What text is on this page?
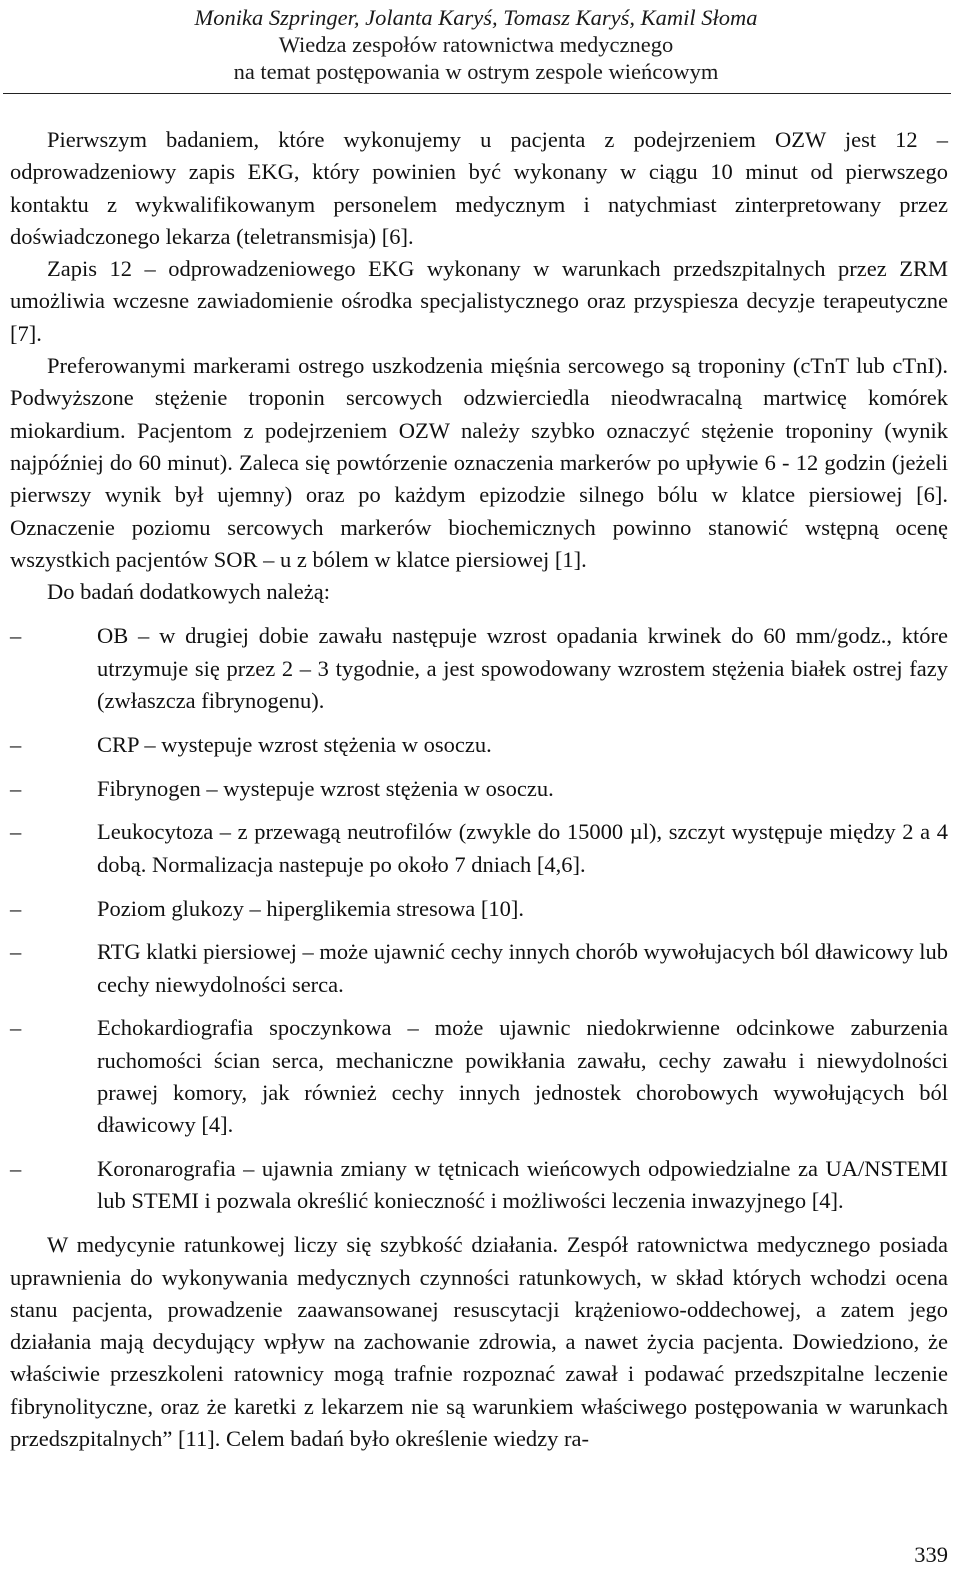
Monika Szpringer, Jolanta Karyś, Tomasz Karyś, Kamil Słoma
Wiedza zespołów ratownictwa medycznego
na temat postępowania w ostrym zespole wieńcowym

Pierwszym badaniem, które wykonujemy u pacjenta z podejrzeniem OZW jest 12 – odprowadzeniowy zapis EKG, który powinien być wykonany w ciągu 10 minut od pierwszego kontaktu z wykwalifikowanym personelem medycznym i natychmiast zinterpretowany przez doświadczonego lekarza (teletransmisja) [6].

Zapis 12 – odprowadzeniowego EKG wykonany w warunkach przedszpitalnych przez ZRM umożliwia wczesne zawiadomienie ośrodka specjalistycznego oraz przyspiesza decyzje terapeutyczne [7].

Preferowanymi markerami ostrego uszkodzenia mięśnia sercowego są troponiny (cTnT lub cTnI). Podwyższone stężenie troponin sercowych odzwierciedla nieodwracalną martwicę komórek miokardium. Pacjentom z podejrzeniem OZW należy szybko oznaczyć stężenie troponiny (wynik najpóźniej do 60 minut). Zaleca się powtórzenie oznaczenia markerów po upływie 6 - 12 godzin (jeżeli pierwszy wynik był ujemny) oraz po każdym epizodzie silnego bólu w klatce piersiowej [6]. Oznaczenie poziomu sercowych markerów biochemicznych powinno stanowić wstępną ocenę wszystkich pacjentów SOR – u z bólem w klatce piersiowej [1].

Do badań dodatkowych należą:

–	OB – w drugiej dobie zawału następuje wzrost opadania krwinek do 60 mm/godz., które utrzymuje się przez 2 – 3 tygodnie, a jest spowodowany wzrostem stężenia białek ostrej fazy (zwłaszcza fibrynogenu).
–	CRP – wystepuje wzrost stężenia w osoczu.
–	Fibrynogen – wystepuje wzrost stężenia w osoczu.
–	Leukocytoza – z przewagą neutrofilów (zwykle do 15000 µl), szczyt występuje między 2 a 4 dobą. Normalizacja nastepuje po około 7 dniach [4,6].
–	Poziom glukozy – hiperglikemia stresowa [10].
–	RTG klatki piersiowej – może ujawnić cechy innych chorób wywołujacych ból dławicowy lub cechy niewydolności serca.
–	Echokardiografia spoczynkowa – może ujawnic niedokrwienne odcinkowe zaburzenia ruchomości ścian serca, mechaniczne powikłania zawału, cechy zawału i niewydolności prawej komory, jak również cechy innych jednostek chorobowych wywołujących ból dławicowy [4].
–	Koronarografia – ujawnia zmiany w tętnicach wieńcowych odpowiedzialne za UA/NSTEMI lub STEMI i pozwala określić konieczność i możliwości leczenia inwazyjnego [4].

W medycynie ratunkowej liczy się szybkość działania. Zespół ratownictwa medycznego posiada uprawnienia do wykonywania medycznych czynności ratunkowych, w skład których wchodzi ocena stanu pacjenta, prowadzenie zaawansowanej resuscytacji krążeniowo-oddechowej, a zatem jego działania mają decydujący wpływ na zachowanie zdrowia, a nawet życia pacjenta. Dowiedziono, że właściwie przeszkoleni ratownicy mogą trafnie rozpoznać zawał i podawać przedszpitalne leczenie fibrynolityczne, oraz że karetki z lekarzem nie są warunkiem właściwego postępowania w warunkach przedszpitalnych” [11]. Celem badań było określenie wiedzy ra-

339
